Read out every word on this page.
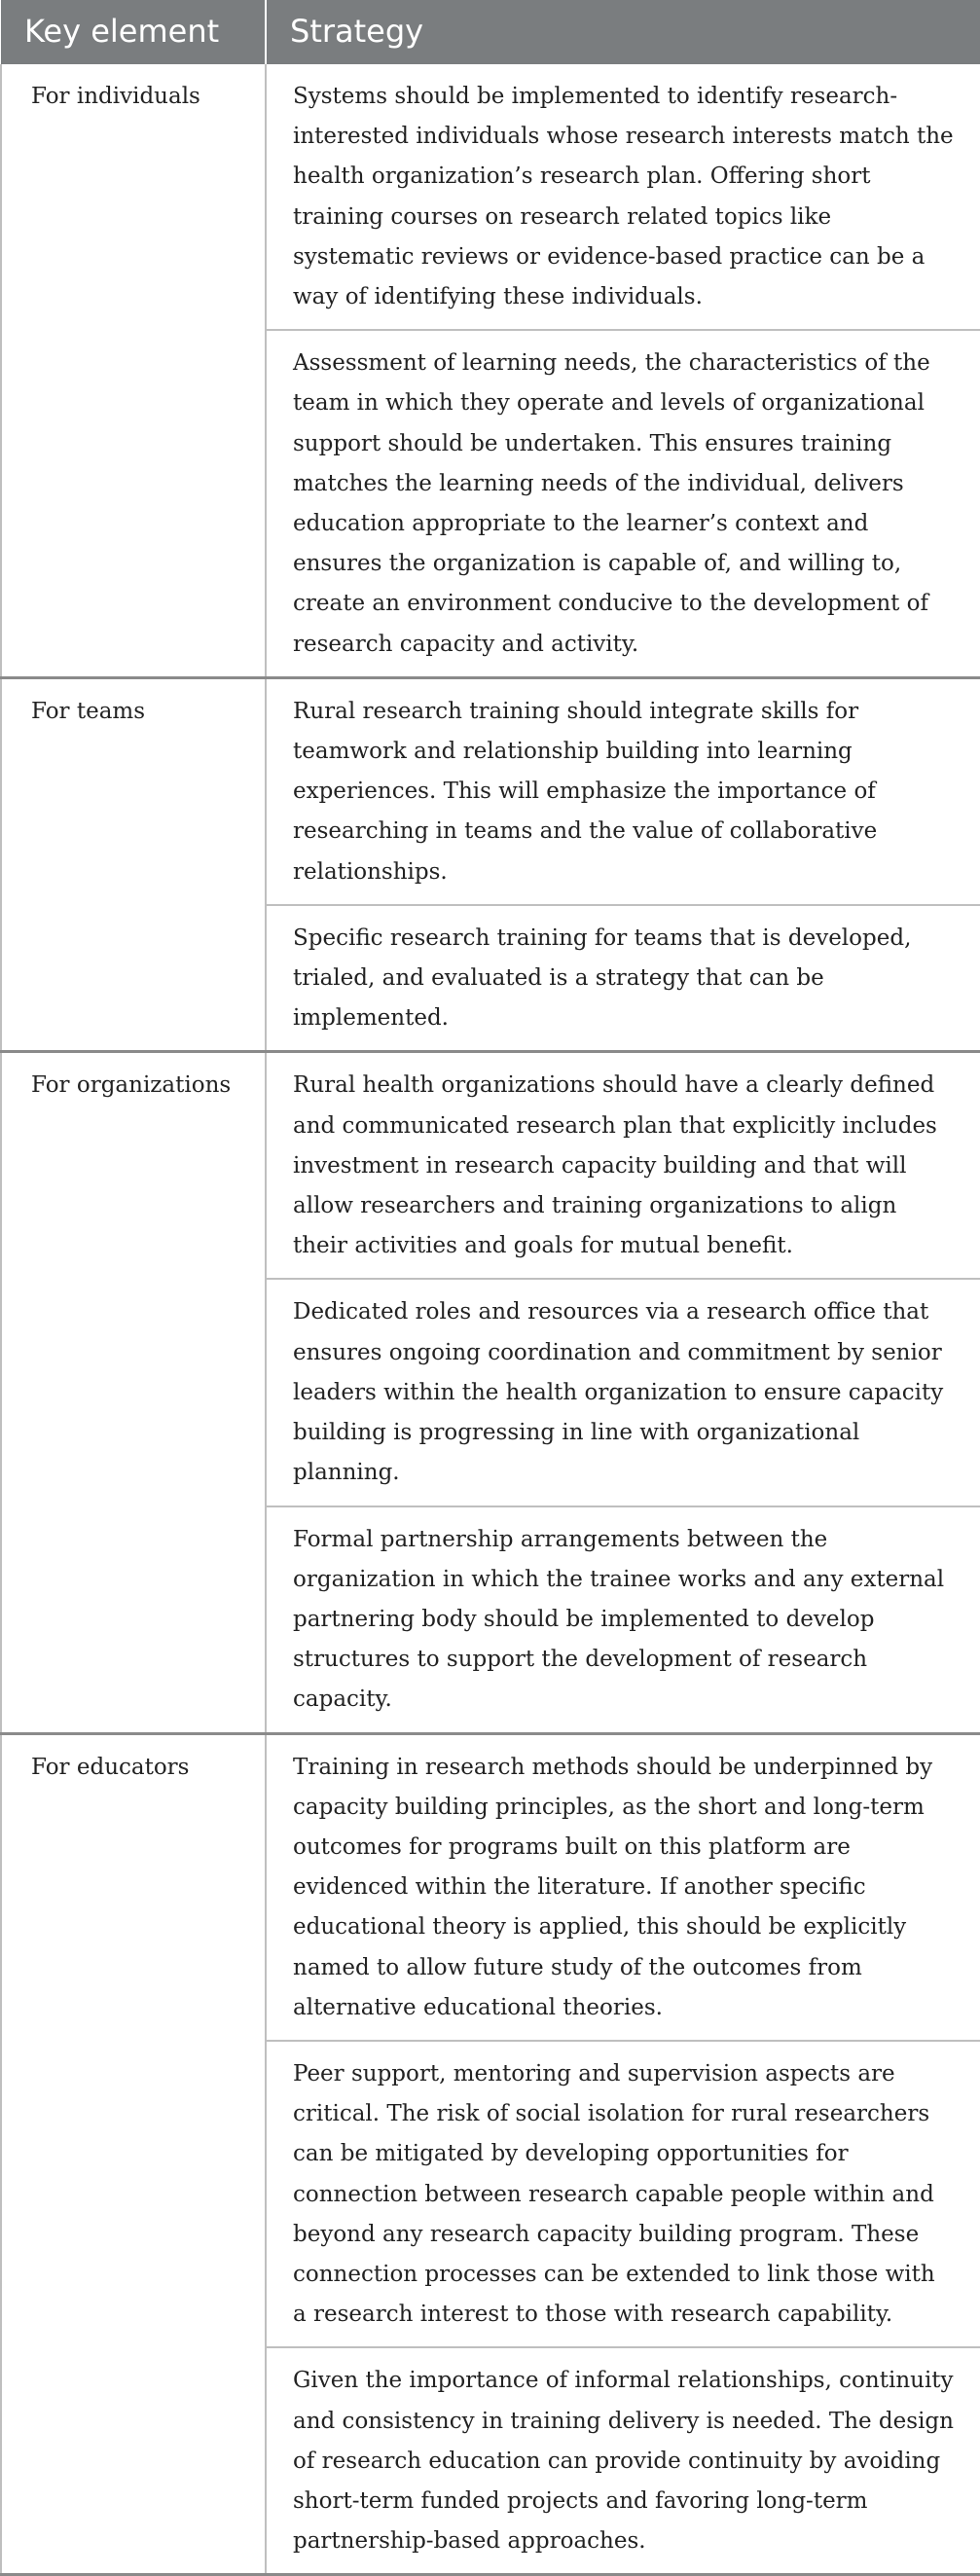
Key element	Strategy
For individuals	Systems should be implemented to identify research-interested individuals whose research interests match the health organization’s research plan. Offering short training courses on research related topics like systematic reviews or evidence-based practice can be a way of identifying these individuals.
	Assessment of learning needs, the characteristics of the team in which they operate and levels of organizational support should be undertaken. This ensures training matches the learning needs of the individual, delivers education appropriate to the learner’s context and ensures the organization is capable of, and willing to, create an environment conducive to the development of research capacity and activity.
For teams	Rural research training should integrate skills for teamwork and relationship building into learning experiences. This will emphasize the importance of researching in teams and the value of collaborative relationships.
	Specific research training for teams that is developed, trialed, and evaluated is a strategy that can be implemented.
For organizations	Rural health organizations should have a clearly defined and communicated research plan that explicitly includes investment in research capacity building and that will allow researchers and training organizations to align their activities and goals for mutual benefit.
	Dedicated roles and resources via a research office that ensures ongoing coordination and commitment by senior leaders within the health organization to ensure capacity building is progressing in line with organizational planning.
	Formal partnership arrangements between the organization in which the trainee works and any external partnering body should be implemented to develop structures to support the development of research capacity.
For educators	Training in research methods should be underpinned by capacity building principles, as the short and long-term outcomes for programs built on this platform are evidenced within the literature. If another specific educational theory is applied, this should be explicitly named to allow future study of the outcomes from alternative educational theories.
	Peer support, mentoring and supervision aspects are critical. The risk of social isolation for rural researchers can be mitigated by developing opportunities for connection between research capable people within and beyond any research capacity building program. These connection processes can be extended to link those with a research interest to those with research capability.
	Given the importance of informal relationships, continuity and consistency in training delivery is needed. The design of research education can provide continuity by avoiding short-term funded projects and favoring long-term partnership-based approaches.
